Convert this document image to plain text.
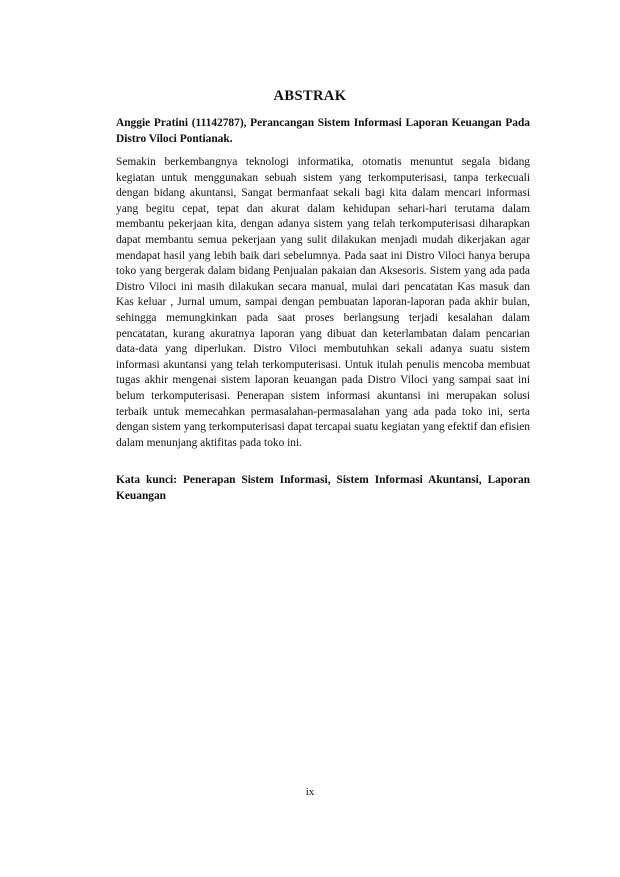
ABSTRAK
Anggie Pratini (11142787), Perancangan Sistem Informasi Laporan Keuangan Pada Distro Viloci Pontianak.
Semakin berkembangnya teknologi informatika, otomatis menuntut segala bidang kegiatan untuk menggunakan sebuah sistem yang terkomputerisasi, tanpa terkecuali dengan bidang akuntansi, Sangat bermanfaat sekali bagi kita dalam mencari informasi yang begitu cepat, tepat dan akurat dalam kehidupan sehari-hari terutama dalam membantu pekerjaan kita, dengan adanya sistem yang telah terkomputerisasi diharapkan dapat membantu semua pekerjaan yang sulit dilakukan menjadi mudah dikerjakan agar mendapat hasil yang lebih baik dari sebelumnya. Pada saat ini Distro Viloci hanya berupa toko yang bergerak dalam bidang Penjualan pakaian dan Aksesoris. Sistem yang ada pada Distro Viloci ini masih dilakukan secara manual, mulai dari pencatatan Kas masuk dan Kas keluar , Jurnal umum, sampai dengan pembuatan laporan-laporan pada akhir bulan, sehingga memungkinkan pada saat proses berlangsung terjadi kesalahan dalam pencatatan, kurang akuratnya laporan yang dibuat dan keterlambatan dalam pencarian data-data yang diperlukan. Distro Viloci membutuhkan sekali adanya suatu sistem informasi akuntansi yang telah terkomputerisasi. Untuk itulah penulis mencoba membuat tugas akhir mengenai sistem laporan keuangan pada Distro Viloci yang sampai saat ini belum terkomputerisasi. Penerapan sistem informasi akuntansi ini merupakan solusi terbaik untuk memecahkan permasalahan-permasalahan yang ada pada toko ini, serta dengan sistem yang terkomputerisasi dapat tercapai suatu kegiatan yang efektif dan efisien dalam menunjang aktifitas pada toko ini.
Kata kunci: Penerapan Sistem Informasi, Sistem Informasi Akuntansi, Laporan Keuangan
ix
